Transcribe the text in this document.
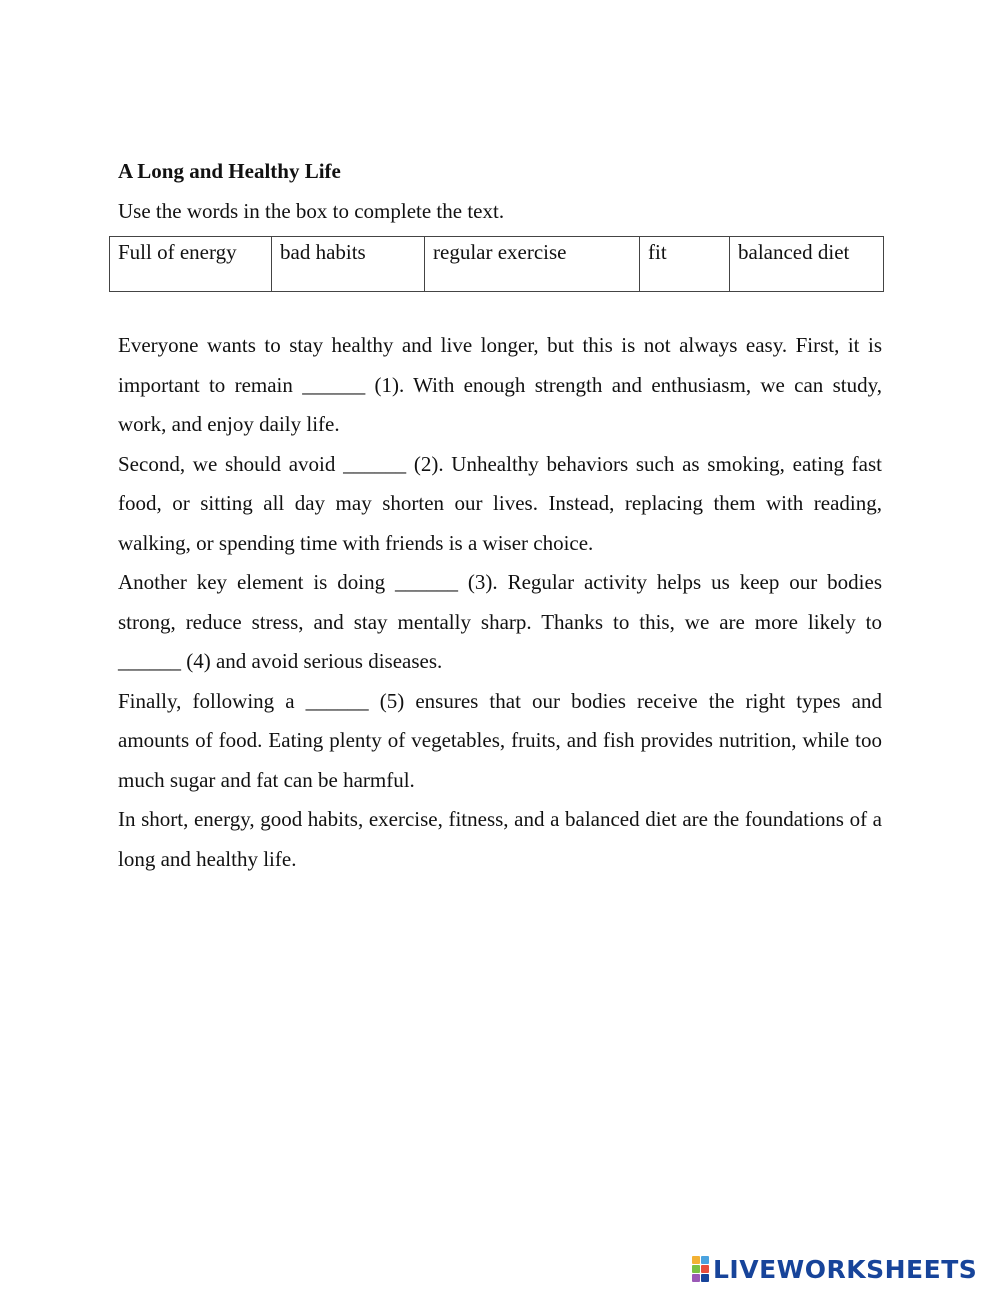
A Long and Healthy Life
Use the words in the box to complete the text.
Full of energy	bad habits	regular exercise	fit	balanced diet

Everyone wants to stay healthy and live longer, but this is not always easy. First, it is important to remain ______ (1). With enough strength and enthusiasm, we can study, work, and enjoy daily life.

Second, we should avoid ______ (2). Unhealthy behaviors such as smoking, eating fast food, or sitting all day may shorten our lives. Instead, replacing them with reading, walking, or spending time with friends is a wiser choice.

Another key element is doing ______ (3). Regular activity helps us keep our bodies strong, reduce stress, and stay mentally sharp. Thanks to this, we are more likely to ______ (4) and avoid serious diseases.

Finally, following a ______ (5) ensures that our bodies receive the right types and amounts of food. Eating plenty of vegetables, fruits, and fish provides nutrition, while too much sugar and fat can be harmful.

In short, energy, good habits, exercise, fitness, and a balanced diet are the foundations of a long and healthy life.

LIVEWORKSHEETS
